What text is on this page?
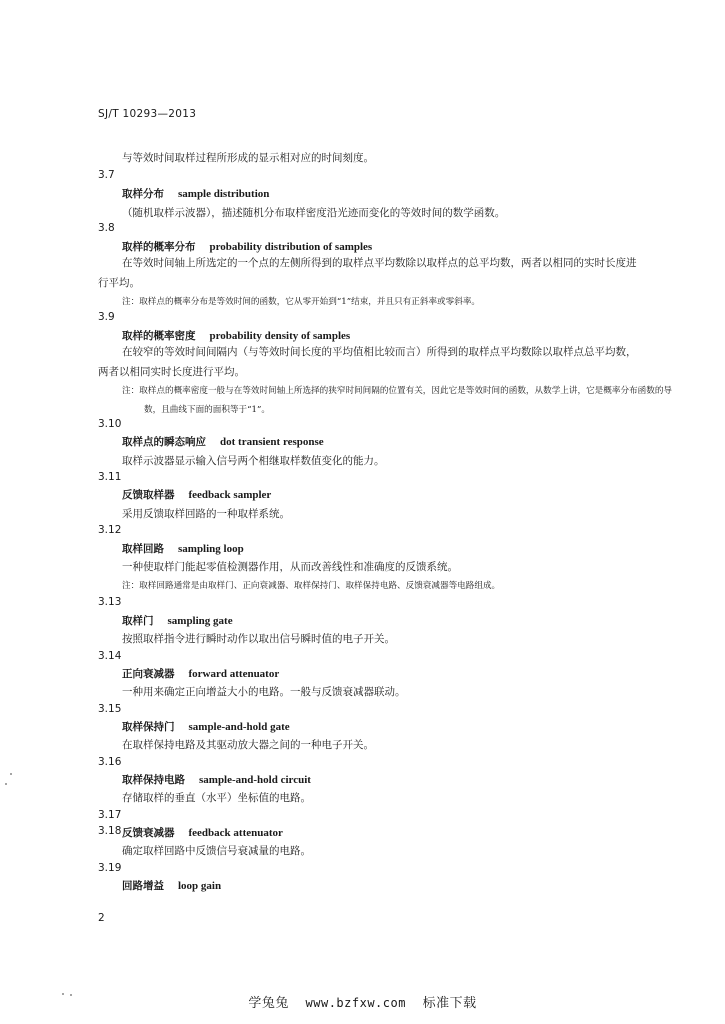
SJ/T 10293—2013
与等效时间取样过程所形成的显示相对应的时间刻度。
3.7
取样分布 sample distribution
（随机取样示波器），描述随机分布取样密度沿光迹而变化的等效时间的数学函数。
3.8
取样的概率分布 probability distribution of samples
在等效时间轴上所选定的一个点的左侧所得到的取样点平均数除以取样点的总平均数，两者以相同的实时长度进行平均。
注：取样点的概率分布是等效时间的函数，它从零开始到“1”结束，并且只有正斜率或零斜率。
3.9
取样的概率密度 probability density of samples
在较窄的等效时间间隔内（与等效时间长度的平均值相比较而言）所得到的取样点平均数除以取样点总平均数，两者以相同实时长度进行平均。
注：取样点的概率密度一般与在等效时间轴上所选择的狭窄时间间隔的位置有关，因此它是等效时间的函数，从数学上讲，它是概率分布函数的导数，且曲线下面的面积等于“1”。
3.10
取样点的瞬态响应 dot transient response
取样示波器显示输入信号两个相继取样数值变化的能力。
3.11
反馈取样器 feedback sampler
采用反馈取样回路的一种取样系统。
3.12
取样回路 sampling loop
一种使取样门能起零值检测器作用，从而改善线性和准确度的反馈系统。
注：取样回路通常是由取样门、正向衰减器、取样保持门、取样保持电路、反馈衰减器等电路组成。
3.13
取样门 sampling gate
按照取样指令进行瞬时动作以取出信号瞬时值的电子开关。
3.14
正向衰减器 forward attenuator
一种用来确定正向增益大小的电路。一般与反馈衰减器联动。
3.15
取样保持门 sample-and-hold gate
在取样保持电路及其驱动放大器之间的一种电子开关。
3.16
取样保持电路 sample-and-hold circuit
存储取样的垂直（水平）坐标值的电路。
3.17
3.18 反馈衰减器 feedback attenuator
确定取样回路中反馈信号衰减量的电路。
3.19
回路增益 loop gain
2
学兔兔 www.bzfxw.com 标准下载
